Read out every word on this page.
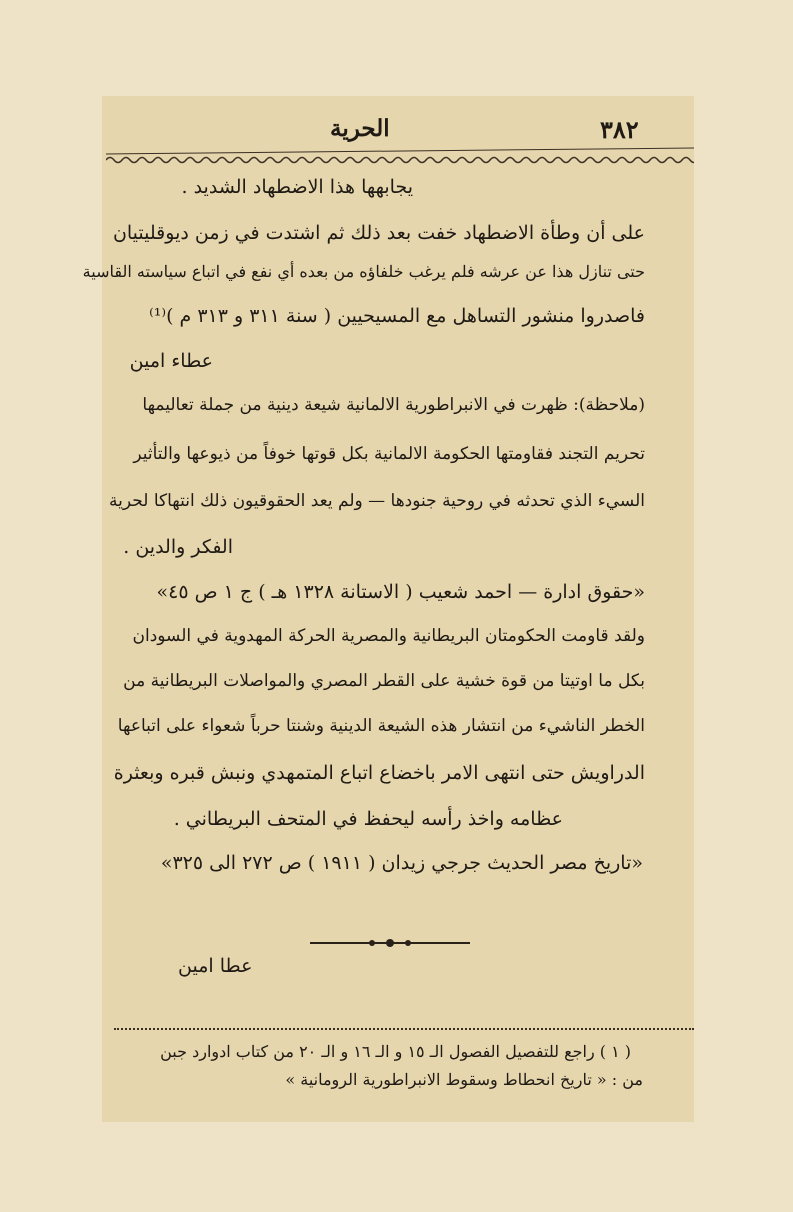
الحرية	٣٨٢
يجابهها هذا الاضطهاد الشديد .
على أن وطأة الاضطهاد خفت بعد ذلك ثم اشتدت في زمن ديوقليتيان
حتى تنازل هذا عن عرشه فلم يرغب خلفاؤه من بعده أي نفع في اتباع سياسته القاسية
فاصدروا منشور التساهل مع المسيحيين ( سنة ٣١١ و ٣١٣ م )⁽¹⁾
عطاء امين
(ملاحظة): ظهرت في الانبراطورية الالمانية شيعة دينية من جملة تعاليمها
تحريم التجند فقاومتها الحكومة الالمانية بكل قوتها خوفاً من ذيوعها والتأثير
السيء الذي تحدثه في روحية جنودها — ولم يعد الحقوقيون ذلك انتهاكا لحرية
الفكر والدين .
«حقوق ادارة — احمد شعيب ( الاستانة ١٣٢٨ هـ ) ج ١ ص ٤٥»
ولقد قاومت الحكومتان البريطانية والمصرية الحركة المهدوية في السودان
بكل ما اوتيتا من قوة خشية على القطر المصري والمواصلات البريطانية من
الخطر الناشيء من انتشار هذه الشيعة الدينية وشنتا حرباً شعواء على اتباعها
الدراويش حتى انتهى الامر باخضاع اتباع المتمهدي ونبش قبره وبعثرة
عظامه واخذ رأسه ليحفظ في المتحف البريطاني .
«تاريخ مصر الحديث جرجي زيدان ( ١٩١١ ) ص ٢٧٢ الى ٣٢٥»
عطا امين
( ١ ) راجع للتفصيل الفصول الـ ١٥ و الـ ١٦ و الـ ٢٠ من كتاب ادوارد جبن
من : « تاريخ انحطاط وسقوط الانبراطورية الرومانية »
